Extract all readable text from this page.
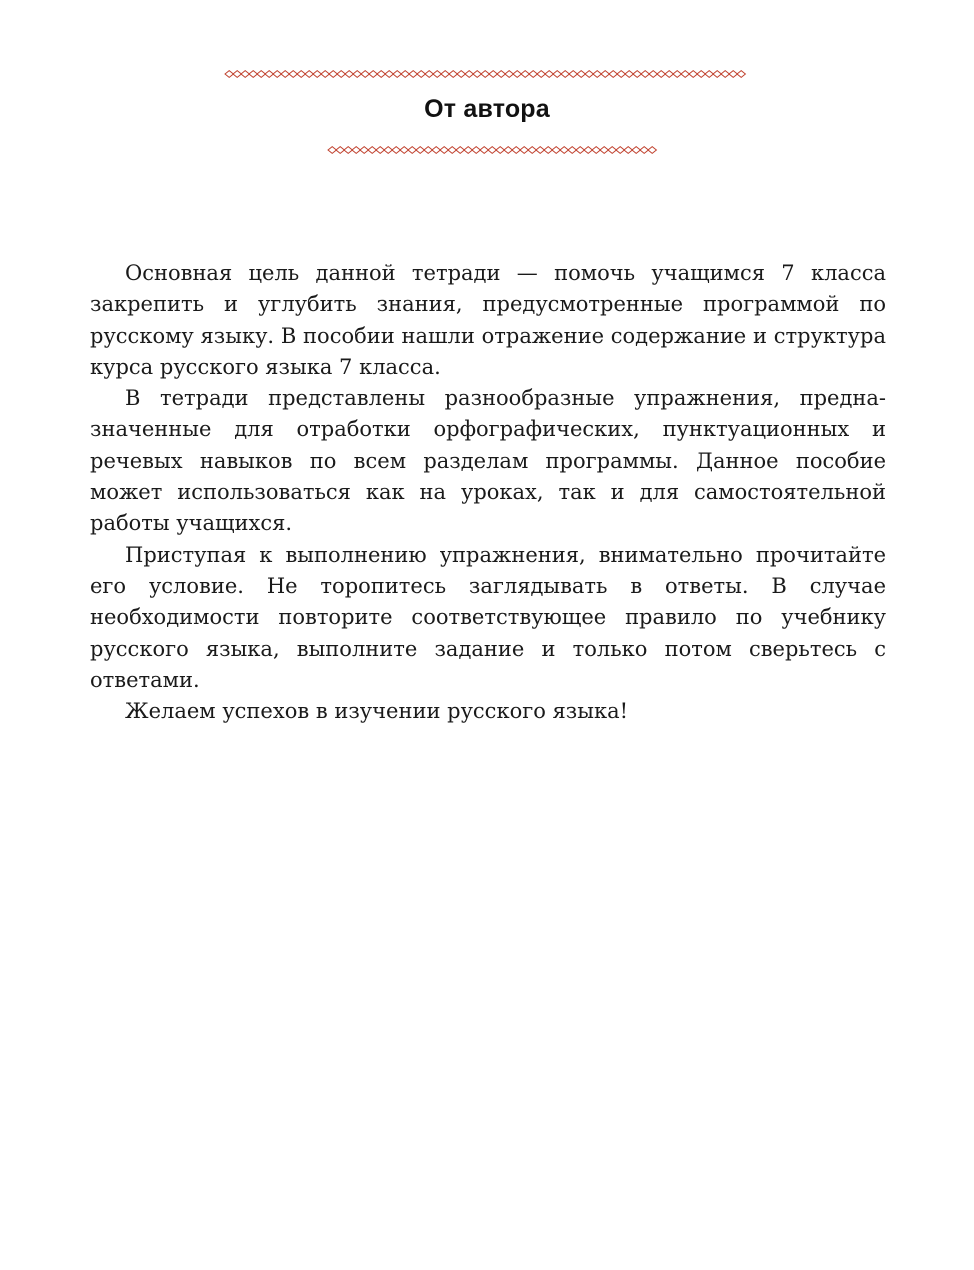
От автора

Основная цель данной тетради — помочь учащимся 7 класса закрепить и углубить знания, предусмотренные программой по русскому языку. В пособии нашли отражение содержание и структура курса русского языка 7 класса.

В тетради представлены разнообразные упражнения, предназначенные для отработки орфографических, пунктуационных и речевых навыков по всем разделам программы. Данное пособие может использоваться как на уроках, так и для самостоятельной работы учащихся.

Приступая к выполнению упражнения, внимательно прочитайте его условие. Не торопитесь заглядывать в ответы. В случае необходимости повторите соответствующее правило по учебнику русского языка, выполните задание и только потом сверьтесь с ответами.

Желаем успехов в изучении русского языка!
